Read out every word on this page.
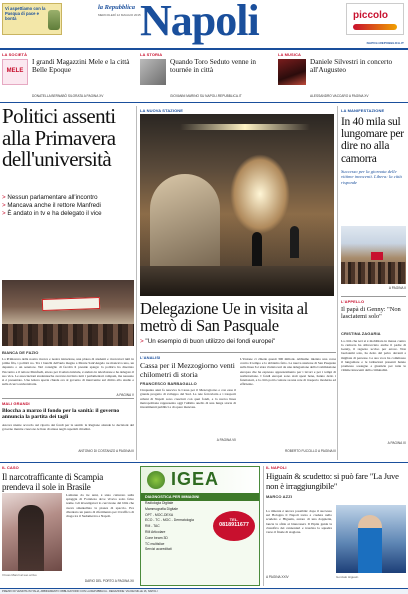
Vi aspettiamo con la Pasqua di pace e bontà
la Repubblica
MERCOLEDÌ 12 MAGGIO 2015 Napoli	piccolo
NAPOLI.REPUBBLICA.IT
LA SOCIETÀ
MELE
I grandi Magazzini Mele e la città Belle Epoque
DONATELLA BERNABÒ SILORATA A PAGINA XV
LA STORIA
Quando Toro Seduto venne in tournée in città
GIOVANNI MARINO SU NAPOLI.REPUBBLICA.IT
LA MUSICA
Daniele Silvestri in concerto all'Augusteo
ALESSANDRO VACCARO A PAGINA XV
Politici assenti alla Primavera dell'università
> Nessun parlamentare all'incontro
> Mancava anche il rettore Manfredi
> È andato in tv e ha delegato il vice
BIANCA DE FAZIO
La Primavera della nostra ricerca e nostra istruzione, una platea di studenti e ricercatori tutti in prima fila, i politici no. Tra i banchi dell'aula magna a Monte Sant'Angelo ne mancava uno, un deputato o un senatore. Nel consiglio di facoltà il preside spiega: la politica ha disertato l'incontro e il rettore Manfredi, atteso per il saluto iniziale, è andato in televisione e ha delegato il suo vice. Le associazioni studentesche avevano invitato tutti i parlamentari campani, ma nessuno si è presentato. Una lettera aperta chiede ora al governo di intervenire sul diritto allo studio e sulla ricerca universitaria.
A PAGINA V
MALI GRANDI
Bloccha a marzo il fondo per la sanità: il governo annuncia la partita dei tagli
Ancora niente accordo sul riparto dei fondi per la sanità: la Regione attende le decisioni del governo mentre crescono le liste di attesa negli ospedali cittadini.
ANTONIO DI COSTANZO A PAGINA III
LA NUOVA STAZIONE
Delegazione Ue in visita al metrò di San Pasquale
> "Un esempio di buon utilizzo dei fondi europei"
L'ANALISI
Cassa per il Mezzogiorno venti chilometri di storia
FRANCESCO BARBAGALLO
Cinquanta anni fa nasceva la Cassa per il Mezzogiorno e con essa il grande progetto di sviluppo del Sud. La rete ferroviaria e i trasporti urbani di Napoli sono cresciuti con quei fondi, e la nuova linea metropolitana rappresenta oggi l'ultimo anello di una lunga storia di investimenti pubblici e di opere mancate.
A PAGINA VII
L'Unione ci chiede questi 300 milioni. Abbiamo iniziato una corsa contro il tempo e lo abbiamo fatto. La nuova stazione di San Pasquale sulla linea 6 è stata visitata ieri da una delegazione della Commissione europea che ha espresso apprezzamento per i lavori e per i tempi di realizzazione. I fondi europei sono stati spesi bene, hanno detto i funzionari, e la città potrà contare su una rete di trasporto moderna ed efficiente.
ROBERTO FUCCILLO A PAGINA III
LA MANIFESTAZIONE
In 40 mila sul lungomare per dire no alla camorra
Successo per la giornata delle vittime innocenti. Libera: la città risponde
A PAGINA II
L'APPELLO
Il papà di Genny: "Non lasciatemi solo"
CRISTINA ZAGARIA
La città che ieri si è mobilitata in massa contro la camorra ha abbracciato anche il padre di Genny, il ragazzo ucciso per errore. Non lasciatemi solo, ha detto dal palco davanti a migliaia di persone. La sua voce ha commosso il lungomare e le istituzioni presenti hanno promesso sostegno e giustizia per tutte le vittime innocenti della criminalità.
A PAGINA IX
IL CASO
Il narcotrafficante di Scampia prendeva il sole in Brasile
Latitante da tre anni, è stato catturato sulla spiaggia di Fortaleza dove viveva sotto falso nome. Gli investigatori lo cercavano dal blitz che aveva smantellato la piazza di spaccio. Era diventato un punto di riferimento per il traffico di droga tra il Sudamerica e Napoli.
Il boss Manzi al suo arrivo
DARIO DEL PORTO A PAGINA XII
IGEA
DIAGNOSTICA PER IMMAGINI
Radiologia Digitale
Mammografia Digitale
OPT - MOC-DEXA
ECO - TC - MOC - Dermatologia
RM - TAC
RM Articolare
Cone beam 3D
TC multislice
Servizi accreditati
TEL.
0818911677
IL NAPOLI
Higuaín & scudetto: si può fare "La Juve non è irraggiungibile"
MARCO AZZI
La rimonta è ancora possibile: dopo il successo sul Bologna il Napoli torna a credere nello scudetto e Higuaín, autore di una doppietta, lancia la sfida ai bianconeri. Il Pipita guida la classifica dei cannonieri e trascina la squadra verso il finale di stagione.
Gonzalo Higuaín
A PAGINA XXIV
PREZZO DI VENDITA IN ITALIA, ABBINAMENTO OBBLIGATORIO CON LA REPUBBLICA - REDAZIONE: VIA DEI MILLE 16, NAPOLI
